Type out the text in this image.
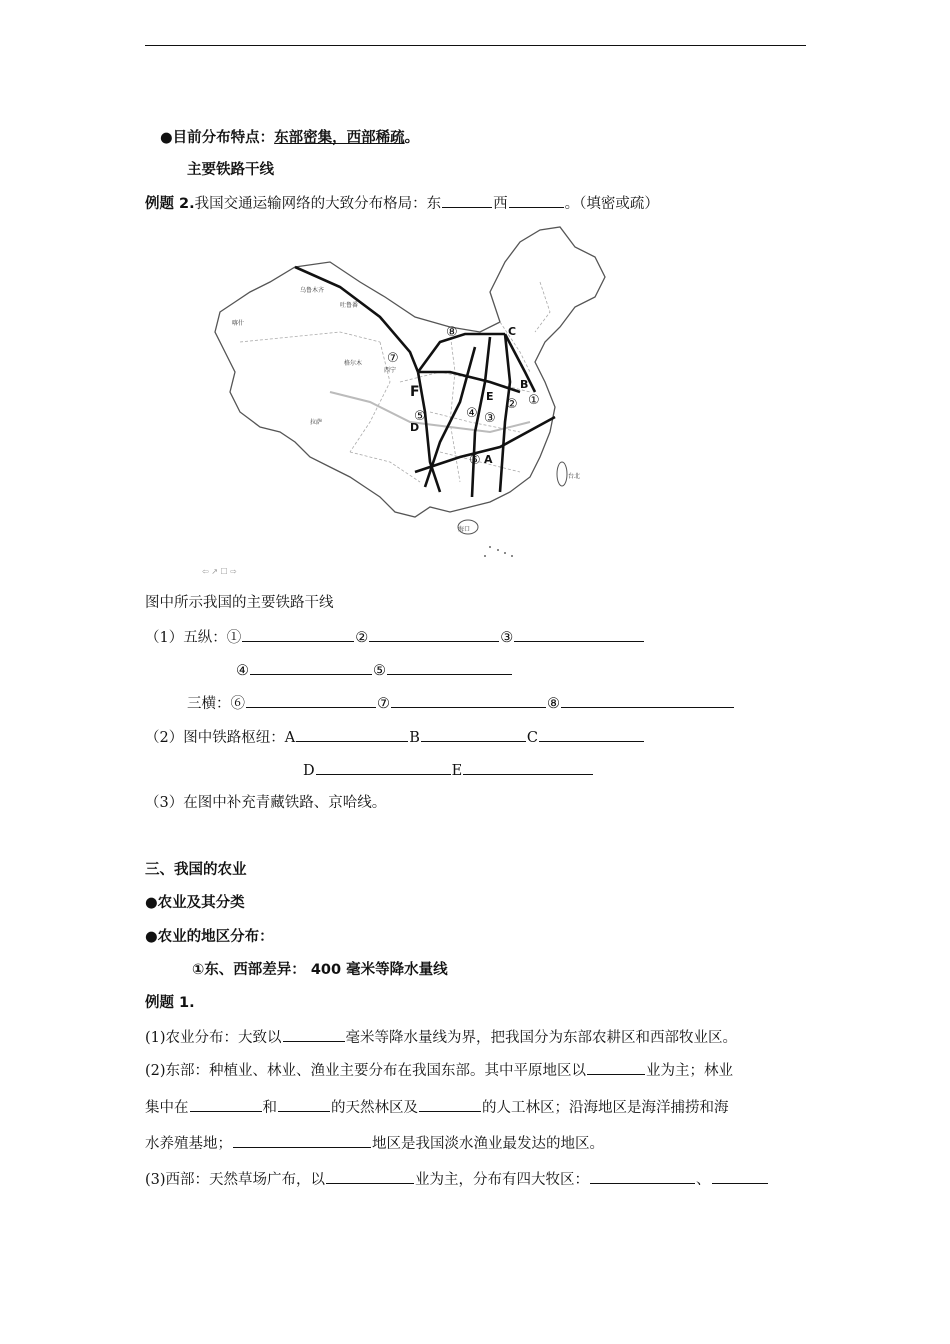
●目前分布特点：东部密集，西部稀疏。
主要铁路干线
例题 2.我国交通运输网络的大致分布格局：东	西	。（填密或疏）
⑧
⑦
①
②
③
④
⑤
⑥
F	E
D
C
B
A
乌鲁木齐
吐鲁番
喀什
格尔木
西宁
拉萨
海口
台北
⇦ ↗ ☐ ⇨
图中所示我国的主要铁路干线
（1）五纵：①	②	③
④	⑤
三横：⑥	⑦	⑧
（2）图中铁路枢纽：A	B	C
D	E
（3）在图中补充青藏铁路、京哈线。
三、我国的农业
●农业及其分类
●农业的地区分布：
①东、西部差异： 400 毫米等降水量线
例题 1.
(1)农业分布：大致以	毫米等降水量线为界，把我国分为东部农耕区和西部牧业区。
(2)东部：种植业、林业、渔业主要分布在我国东部。其中平原地区以	业为主；林业
集中在	和	的天然林区及	的人工林区；沿海地区是海洋捕捞和海
水养殖基地；	地区是我国淡水渔业最发达的地区。
(3)西部：天然草场广布，以	业为主，分布有四大牧区：	、
